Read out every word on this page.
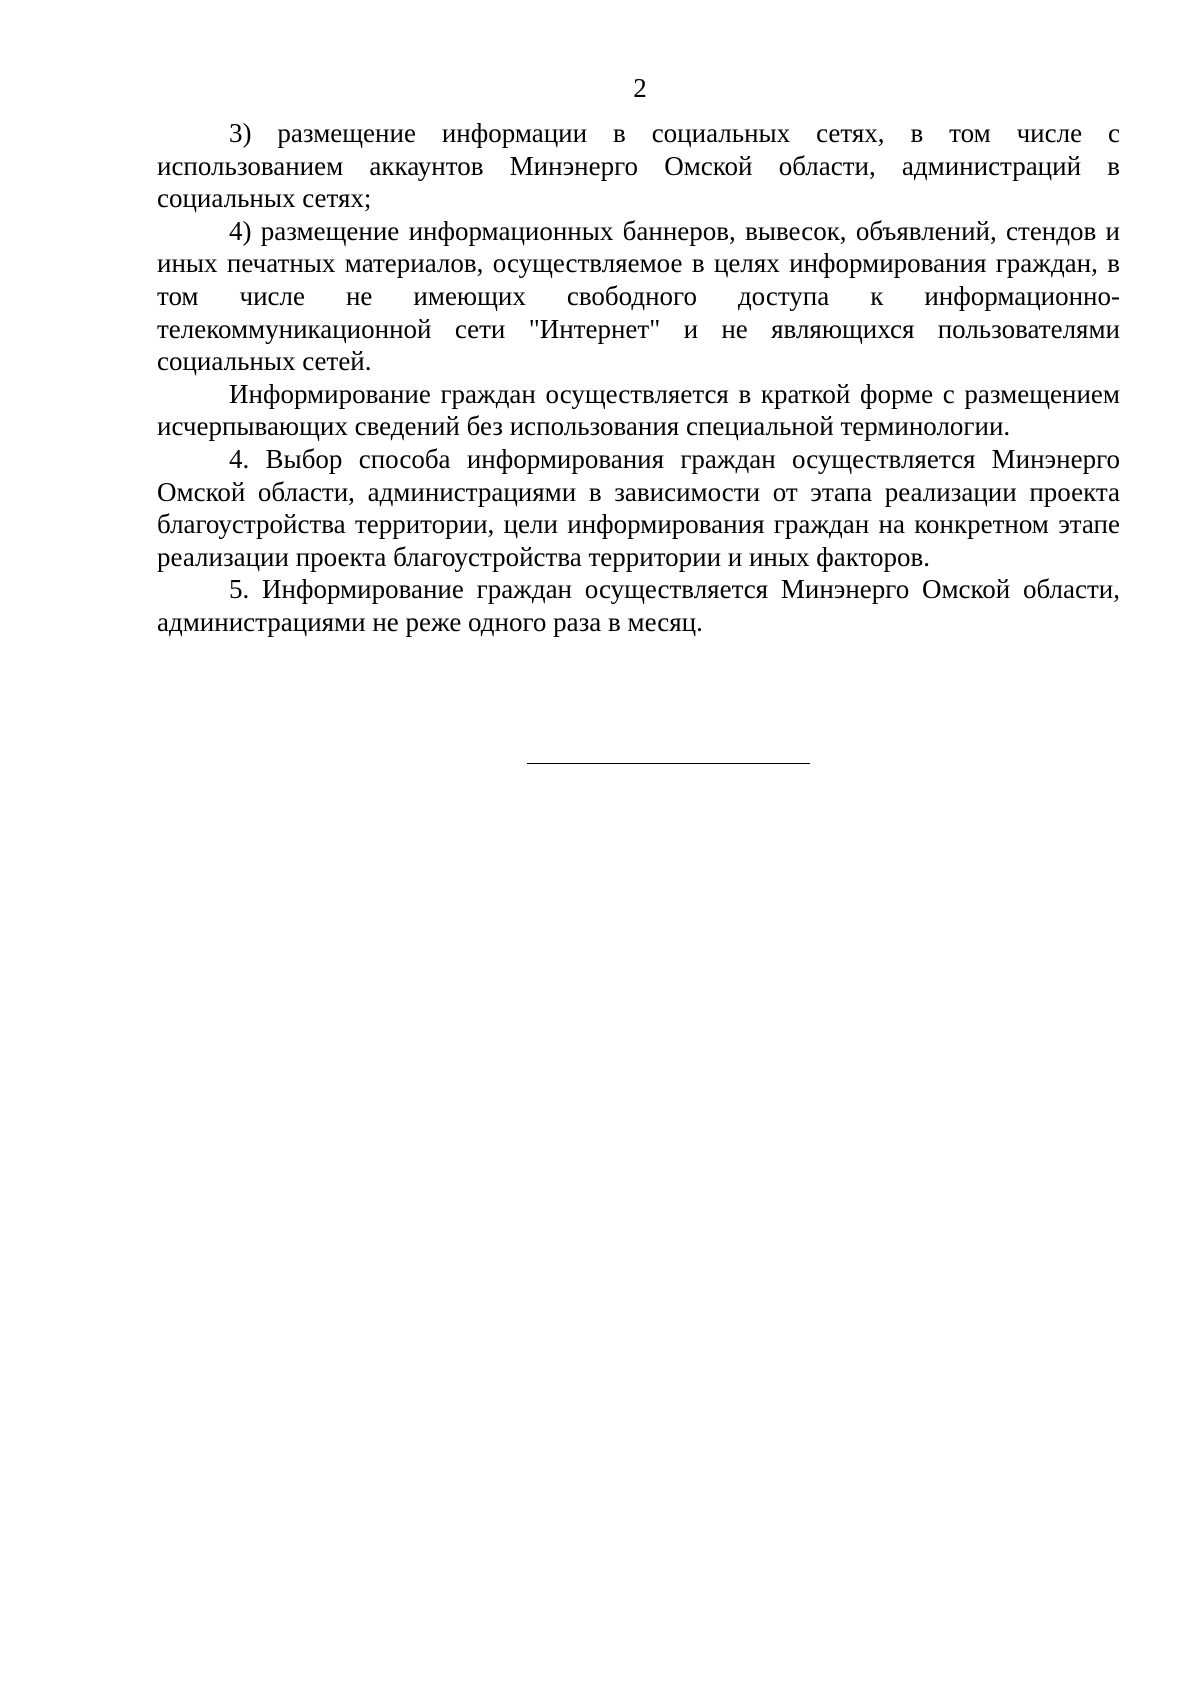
2

3) размещение информации в социальных сетях, в том числе с использованием аккаунтов Минэнерго Омской области, администраций в социальных сетях;

4) размещение информационных баннеров, вывесок, объявлений, стендов и иных печатных материалов, осуществляемое в целях информирования граждан, в том числе не имеющих свободного доступа к информационно-телекоммуникационной сети "Интернет" и не являющихся пользователями социальных сетей.

Информирование граждан осуществляется в краткой форме с размещением исчерпывающих сведений без использования специальной терминологии.

4. Выбор способа информирования граждан осуществляется Минэнерго Омской области, администрациями в зависимости от этапа реализации проекта благоустройства территории, цели информирования граждан на конкретном этапе реализации проекта благоустройства территории и иных факторов.

5. Информирование граждан осуществляется Минэнерго Омской области, администрациями не реже одного раза в месяц.
